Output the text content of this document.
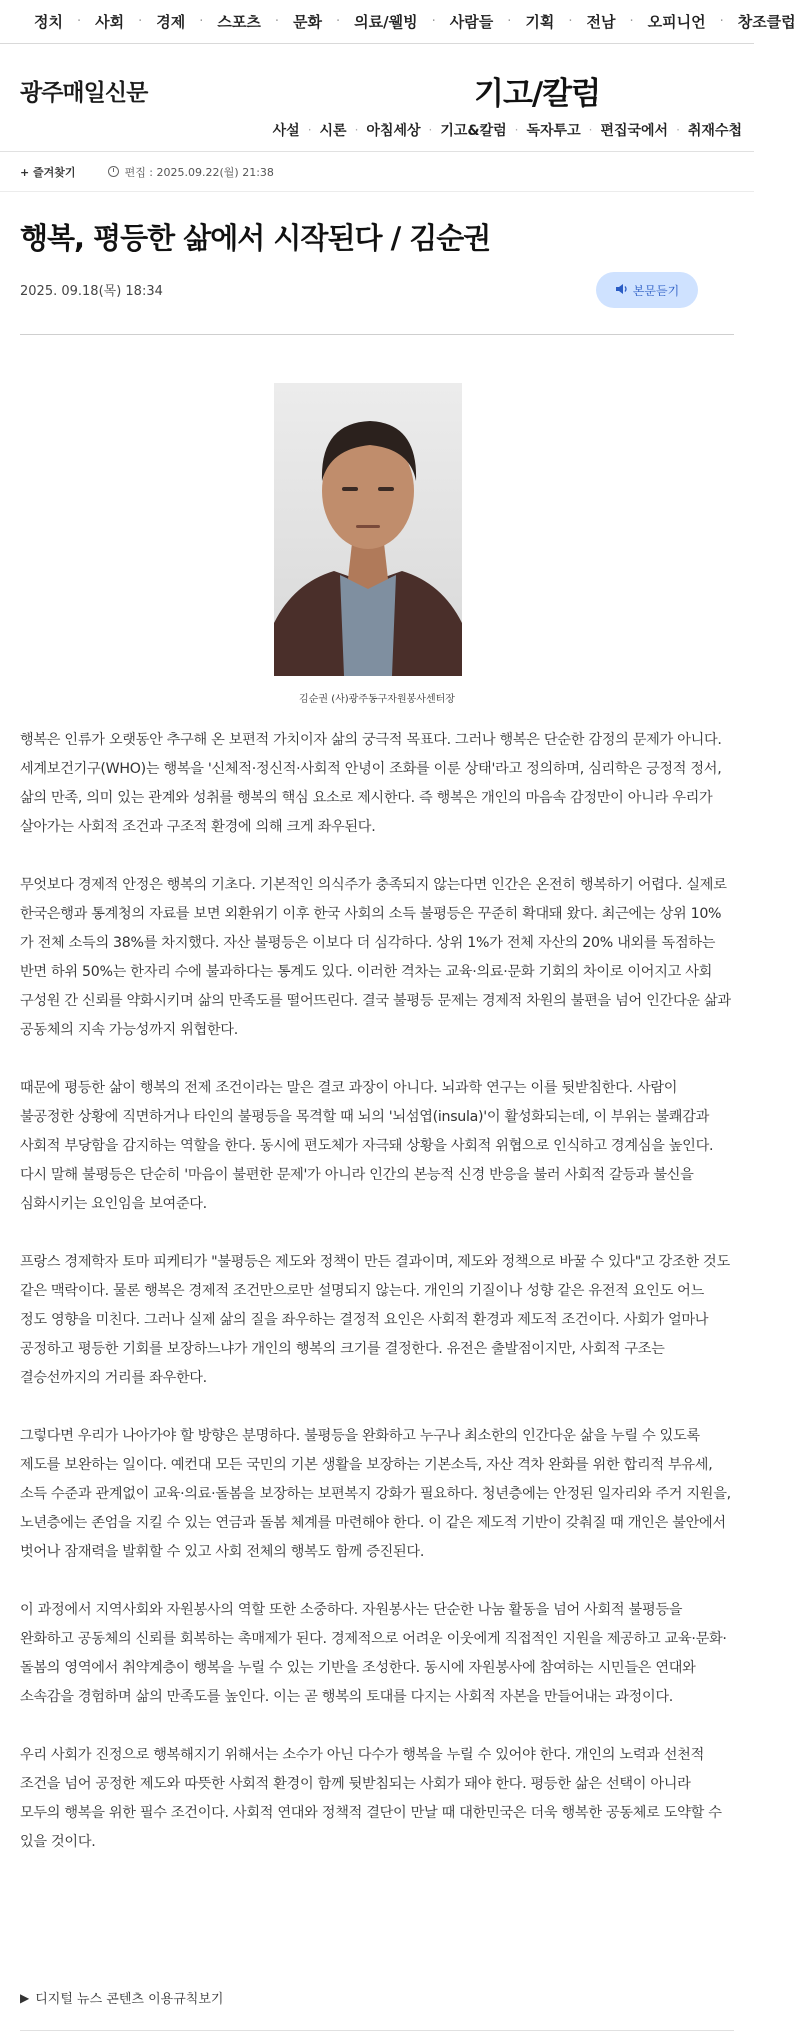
정치 · 사회 · 경제 · 스포츠 · 문화 · 의료/웰빙 · 사람들 · 기획 · 전남 · 오피니언 · 창조클럽
광주매일신문	기고/칼럼
사설 · 시론 · 아침세상 · 기고&칼럼 · 독자투고 · 편집국에서 · 취재수첩
+ 즐겨찾기	편집 : 2025.09.22(월) 21:38
행복, 평등한 삶에서 시작된다 / 김순권
2025. 09.18(목) 18:34	본문듣기
김순권 (사)광주동구자원봉사센터장

행복은 인류가 오랫동안 추구해 온 보편적 가치이자 삶의 궁극적 목표다. 그러나 행복은 단순한 감정의 문제가 아니다. 세계보건기구(WHO)는 행복을 '신체적·정신적·사회적 안녕이 조화를 이룬 상태'라고 정의하며, 심리학은 긍정적 정서, 삶의 만족, 의미 있는 관계와 성취를 행복의 핵심 요소로 제시한다. 즉 행복은 개인의 마음속 감정만이 아니라 우리가 살아가는 사회적 조건과 구조적 환경에 의해 크게 좌우된다.

무엇보다 경제적 안정은 행복의 기초다. 기본적인 의식주가 충족되지 않는다면 인간은 온전히 행복하기 어렵다. 실제로 한국은행과 통계청의 자료를 보면 외환위기 이후 한국 사회의 소득 불평등은 꾸준히 확대돼 왔다. 최근에는 상위 10%가 전체 소득의 38%를 차지했다. 자산 불평등은 이보다 더 심각하다. 상위 1%가 전체 자산의 20% 내외를 독점하는 반면 하위 50%는 한자리 수에 불과하다는 통계도 있다. 이러한 격차는 교육·의료·문화 기회의 차이로 이어지고 사회 구성원 간 신뢰를 약화시키며 삶의 만족도를 떨어뜨린다. 결국 불평등 문제는 경제적 차원의 불편을 넘어 인간다운 삶과 공동체의 지속 가능성까지 위협한다.

때문에 평등한 삶이 행복의 전제 조건이라는 말은 결코 과장이 아니다. 뇌과학 연구는 이를 뒷받침한다. 사람이 불공정한 상황에 직면하거나 타인의 불평등을 목격할 때 뇌의 '뇌섬엽(insula)'이 활성화되는데, 이 부위는 불쾌감과 사회적 부당함을 감지하는 역할을 한다. 동시에 편도체가 자극돼 상황을 사회적 위협으로 인식하고 경계심을 높인다. 다시 말해 불평등은 단순히 '마음이 불편한 문제'가 아니라 인간의 본능적 신경 반응을 불러 사회적 갈등과 불신을 심화시키는 요인임을 보여준다.

프랑스 경제학자 토마 피케티가 "불평등은 제도와 정책이 만든 결과이며, 제도와 정책으로 바꿀 수 있다"고 강조한 것도 같은 맥락이다. 물론 행복은 경제적 조건만으로만 설명되지 않는다. 개인의 기질이나 성향 같은 유전적 요인도 어느 정도 영향을 미친다. 그러나 실제 삶의 질을 좌우하는 결정적 요인은 사회적 환경과 제도적 조건이다. 사회가 얼마나 공정하고 평등한 기회를 보장하느냐가 개인의 행복의 크기를 결정한다. 유전은 출발점이지만, 사회적 구조는 결승선까지의 거리를 좌우한다.

그렇다면 우리가 나아가야 할 방향은 분명하다. 불평등을 완화하고 누구나 최소한의 인간다운 삶을 누릴 수 있도록 제도를 보완하는 일이다. 예컨대 모든 국민의 기본 생활을 보장하는 기본소득, 자산 격차 완화를 위한 합리적 부유세, 소득 수준과 관계없이 교육·의료·돌봄을 보장하는 보편복지 강화가 필요하다. 청년층에는 안정된 일자리와 주거 지원을, 노년층에는 존엄을 지킬 수 있는 연금과 돌봄 체계를 마련해야 한다. 이 같은 제도적 기반이 갖춰질 때 개인은 불안에서 벗어나 잠재력을 발휘할 수 있고 사회 전체의 행복도 함께 증진된다.

이 과정에서 지역사회와 자원봉사의 역할 또한 소중하다. 자원봉사는 단순한 나눔 활동을 넘어 사회적 불평등을 완화하고 공동체의 신뢰를 회복하는 촉매제가 된다. 경제적으로 어려운 이웃에게 직접적인 지원을 제공하고 교육·문화·돌봄의 영역에서 취약계층이 행복을 누릴 수 있는 기반을 조성한다. 동시에 자원봉사에 참여하는 시민들은 연대와 소속감을 경험하며 삶의 만족도를 높인다. 이는 곧 행복의 토대를 다지는 사회적 자본을 만들어내는 과정이다.

우리 사회가 진정으로 행복해지기 위해서는 소수가 아닌 다수가 행복을 누릴 수 있어야 한다. 개인의 노력과 선천적 조건을 넘어 공정한 제도와 따뜻한 사회적 환경이 함께 뒷받침되는 사회가 돼야 한다. 평등한 삶은 선택이 아니라 모두의 행복을 위한 필수 조건이다. 사회적 연대와 정책적 결단이 만날 때 대한민국은 더욱 행복한 공동체로 도약할 수 있을 것이다.

▶ 디지털 뉴스 콘텐츠 이용규칙보기
